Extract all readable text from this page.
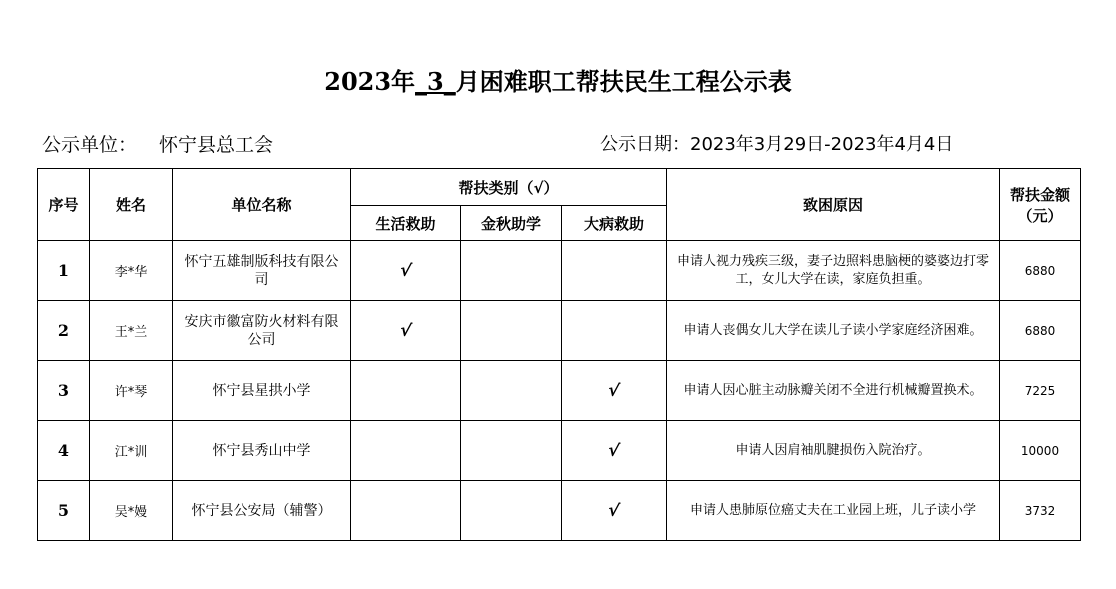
2023年_3_月困难职工帮扶民生工程公示表
公示单位： 怀宁县总工会	公示日期：2023年3月29日-2023年4月4日
序号	姓名	单位名称	帮扶类别（√）			致困原因	帮扶金额（元）
			生活救助	金秋助学	大病救助		
1	李*华	怀宁五雄制版科技有限公司	√			申请人视力残疾三级，妻子边照料患脑梗的婆婆边打零工，女儿大学在读，家庭负担重。	6880
2	王*兰	安庆市徽富防火材料有限公司	√			申请人丧偶女儿大学在读儿子读小学家庭经济困难。	6880
3	许*琴	怀宁县星拱小学			√	申请人因心脏主动脉瓣关闭不全进行机械瓣置换术。	7225
4	江*训	怀宁县秀山中学			√	申请人因肩袖肌腱损伤入院治疗。	10000
5	吴*嫚	怀宁县公安局（辅警）			√	申请人患肺原位癌丈夫在工业园上班，儿子读小学	3732
